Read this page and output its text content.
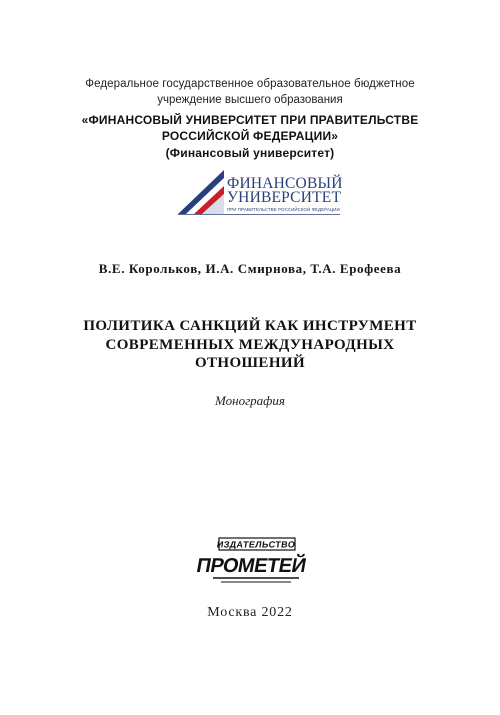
Федеральное государственное образовательное бюджетное
учреждение высшего образования
«ФИНАНСОВЫЙ УНИВЕРСИТЕТ ПРИ ПРАВИТЕЛЬСТВЕ
РОССИЙСКОЙ ФЕДЕРАЦИИ»
(Финансовый университет)
ФИНАНСОВЫЙ
УНИВЕРСИТЕТ
ПРИ ПРАВИТЕЛЬСТВЕ РОССИЙСКОЙ ФЕДЕРАЦИИ
В.Е. Корольков, И.А. Смирнова, Т.А. Ерофеева
ПОЛИТИКА САНКЦИЙ КАК ИНСТРУМЕНТ
СОВРЕМЕННЫХ МЕЖДУНАРОДНЫХ
ОТНОШЕНИЙ
Монография
ИЗДАТЕЛЬСТВО
ПРОМЕТЕЙ
Москва 2022
